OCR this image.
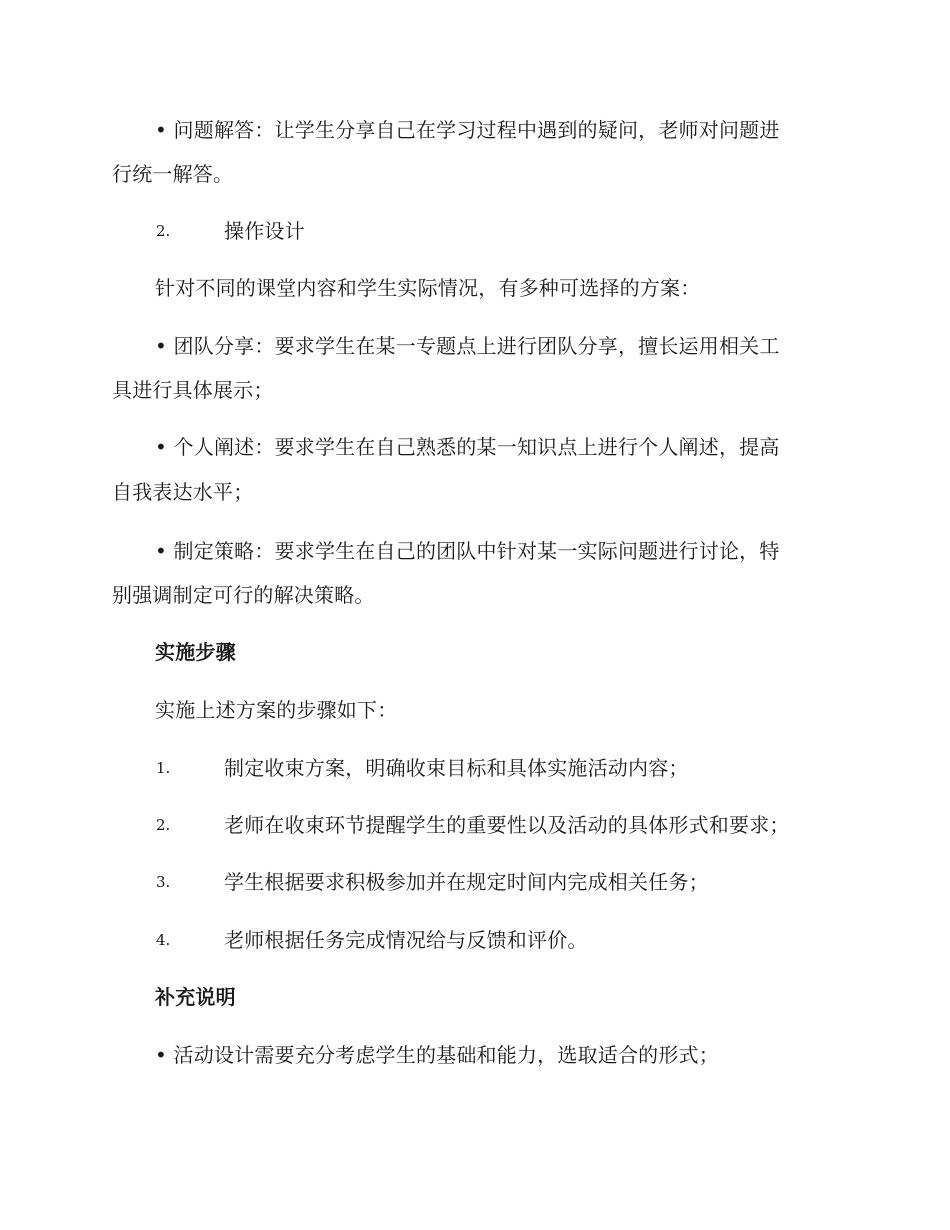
• 问题解答：让学生分享自己在学习过程中遇到的疑问，老师对问题进
行统一解答。
2.	操作设计
针对不同的课堂内容和学生实际情况，有多种可选择的方案：
• 团队分享：要求学生在某一专题点上进行团队分享，擅长运用相关工
具进行具体展示；
• 个人阐述：要求学生在自己熟悉的某一知识点上进行个人阐述，提高
自我表达水平；
• 制定策略：要求学生在自己的团队中针对某一实际问题进行讨论，特
别强调制定可行的解决策略。
实施步骤
实施上述方案的步骤如下：
1.	制定收束方案，明确收束目标和具体实施活动内容；
2.	老师在收束环节提醒学生的重要性以及活动的具体形式和要求；
3.	学生根据要求积极参加并在规定时间内完成相关任务；
4.	老师根据任务完成情况给与反馈和评价。
补充说明
• 活动设计需要充分考虑学生的基础和能力，选取适合的形式；
